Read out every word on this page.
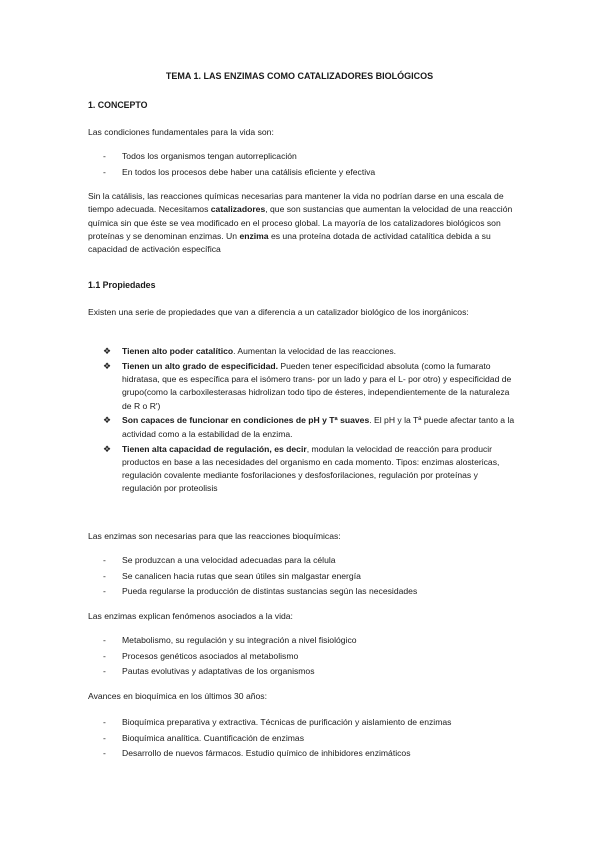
TEMA 1. LAS ENZIMAS COMO CATALIZADORES BIOLÓGICOS
1. CONCEPTO
Las condiciones fundamentales para la vida son:
- Todos los organismos tengan autorreplicación
- En todos los procesos debe haber una catálisis eficiente y efectiva
Sin la catálisis, las reacciones químicas necesarias para mantener la vida no podrían darse en una escala de tiempo adecuada. Necesitamos catalizadores, que son sustancias que aumentan la velocidad de una reacción química sin que éste se vea modificado en el proceso global. La mayoría de los catalizadores biológicos son proteínas y se denominan enzimas. Un enzima es una proteína dotada de actividad catalítica debida a su capacidad de activación específica
1.1 Propiedades
Existen una serie de propiedades que van a diferencia a un catalizador biológico de los inorgánicos:
❖ Tienen alto poder catalítico. Aumentan la velocidad de las reacciones.
❖ Tienen un alto grado de especificidad. Pueden tener especificidad absoluta (como la fumarato hidratasa, que es específica para el isómero trans- por un lado y para el L- por otro) y especificidad de grupo(como la carboxilesterasas hidrolizan todo tipo de ésteres, independientemente de la naturaleza de R o R')
❖ Son capaces de funcionar en condiciones de pH y Tª suaves. El pH y la Tª puede afectar tanto a la actividad como a la estabilidad de la enzima.
❖ Tienen alta capacidad de regulación, es decir, modulan la velocidad de reacción para producir productos en base a las necesidades del organismo en cada momento. Tipos: enzimas alostericas, regulación covalente mediante fosforilaciones y desfosforilaciones, regulación por proteínas y regulación por proteolisis
Las enzimas son necesarias para que las reacciones bioquímicas:
- Se produzcan a una velocidad adecuadas para la célula
- Se canalicen hacia rutas que sean útiles sin malgastar energía
- Pueda regularse la producción de distintas sustancias según las necesidades
Las enzimas explican fenómenos asociados a la vida:
- Metabolismo, su regulación y su integración a nivel fisiológico
- Procesos genéticos asociados al metabolismo
- Pautas evolutivas y adaptativas de los organismos
Avances en bioquímica en los últimos 30 años:
- Bioquímica preparativa y extractiva. Técnicas de purificación y aislamiento de enzimas
- Bioquímica analítica. Cuantificación de enzimas
- Desarrollo de nuevos fármacos. Estudio químico de inhibidores enzimáticos
